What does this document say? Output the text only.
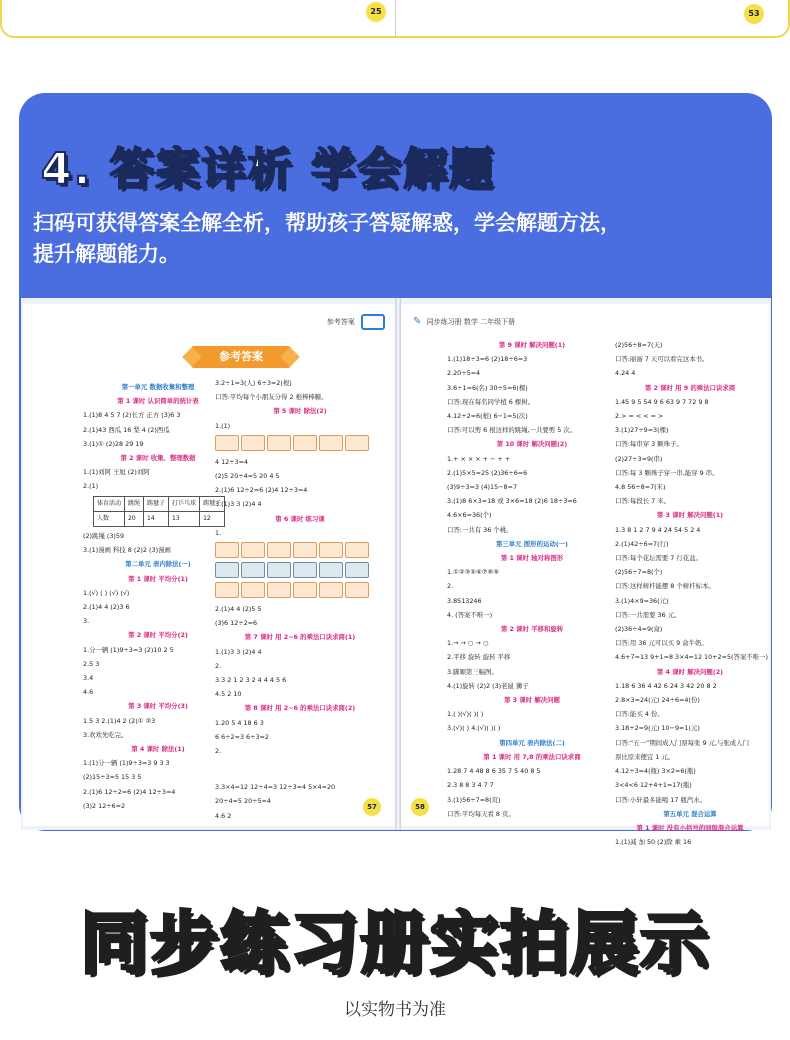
25	53
4. 答案详析 学会解题
扫码可获得答案全解全析，帮助孩子答疑解惑，学会解题方法，
提升解题能力。
参考答案
参考答案
第一单元 数据收集和整理
第 1 课时 认识简单的统计表
1.(1)8 4 5 7 (2)长方 正方 (3)6 3
2.(1)43 西瓜 16 梨 4 (2)西瓜
3.(1)① (2)28 29 19
第 2 课时 收集、整理数据
1.(1)刘阿 王旭 (2)刘阿
2.(1)
体育活动	跳绳	踢毽子	打乒乓球	踢毽子
人数	20	14	13	12
(2)跳绳 (3)59
3.(1)漫画 科技 8 (2)2 (3)漫画
第二单元 表内除法(一)
第 1 课时 平均分(1)
1.(√) ( ) (√) (√)
2.(1)4 4 (2)3 6
3.
第 2 课时 平均分(2)
1.分一辆 (1)9÷3=3 (2)10 2 5
2.5 3
3.4
4.6
第 3 课时 平均分(3)
1.5 3 2.(1)4 2 (2)① ②3
3.欢欢先吃完。
第 4 课时 除法(1)
1.(1)分一辆 (1)9÷3=3 9 3 3
(2)15÷3=5 15 3 5
2.(1)6 12÷2=6 (2)4 12÷3=4
(3)2 12÷6=2
3.2÷1=3(人) 6÷3=2(根)
口答:平均每个小朋友分得 2 根棒棒糖。
第 5 课时 除法(2)
1.(1)
4 12÷3=4
(2)5 20÷4=5 20 4 5
2.(1)6 12÷2=6 (2)4 12÷3=4
3.(1)3 3 (2)4 4
第 6 课时 练习课
1.
2.(1)4 4 (2)5 5
(3)6 12÷2=6
第 7 课时 用 2~6 的乘法口诀求商(1)
1.(1)3 3 (2)4 4
2.
3.3 2 1 2 3 2 4 4 4 5 6
4.5 2 10
第 8 课时 用 2~6 的乘法口诀求商(2)
1.20 5 4 18 6 3
6 6÷2=3 6÷3=2
2.
3.3×4=12 12÷4=3 12÷3=4 5×4=20
20÷4=5 20÷5=4
4.6 2
57
✎ 同步练习册 数学 二年级下册
第 9 课时 解决问题(1)
1.(1)18÷3=6 (2)18÷6=3
2.20÷5=4
3.6÷1=6(名) 30÷5=6(棵)
口答:现在每名同学植 6 棵树。
4.12÷2=6(根) 6−1=5(次)
口答:可以剪 6 根这样的跳绳,一共要剪 5 次。
第 10 课时 解决问题(2)
1.+ × × × + − + +
2.(1)5×5=25 (2)36÷6=6
(3)9÷3=3 (4)15−8=7
3.(1)8 6×3=18 或 3×6=18 (2)6 18÷3=6
4.6×6=36(个)
口答:一共有 36 个桃。
第三单元 图形的运动(一)
第 1 课时 轴对称图形
1.①②③⑤⑥⑦⑧⑨
2.
3.8513246
4. (答案不唯一)
第 2 课时 平移和旋转
1.→ → ○ → ○
2.平移 旋转 旋转 平移
3.脚顺第三幅图。
4.(1)旋转 (2)2 (3)老鼠 狮子
第 3 课时 解决问题
1.( )(√)( )( )
3.(√)( ) 4.(√)( )( )
第四单元 表内除法(二)
第 1 课时 用 7,8 的乘法口诀求商
1.28 7 4 48 8 6 35 7 5 40 8 5
2.3 8 8 3 4 7 7
3.(1)56÷7=8(页)
口答:平均每天看 8 页。
(2)56÷8=7(天)
口答:丽丽 7 天可以看完这本书。
4.24 4
第 2 课时 用 9 的乘法口诀求商
1.45 9 5 54 9 6 63 9 7 72 9 8
2.> = < < = >
3.(1)27÷9=3(棵)
口答:每串穿 3 颗珠子。
(2)27÷3=9(串)
口答:每 3 颗珠子穿一串,能穿 9 串。
4.8 56÷8=7(米)
口答:每段长 7 米。
第 3 课时 解决问题(1)
1.3 8 1 2 7 9 4 24 54 5 2 4
2.(1)42÷6=7(行)
口答:每个花坛需要 7 行花盆。
(2)56÷7=8(个)
口答:这样树杆能摆 8 个树杆标本。
3.(1)4×9=36(元)
口答:一共需要 36 元。
(2)36÷4=9(盒)
口答:用 36 元可以买 9 盒牛奶。
4.6+7=13 9+1=8 3×4=12 10+2=5(答案不唯一)
第 4 课时 解决问题(2)
1.18 6 36 4 42 6 24 3 42 20 8 2
2.8×3=24(元) 24÷6=4(份)
口答:能买 4 份。
3.18÷2=9(元) 10−9=1(元)
口答:“五一”期间成人门票每张 9 元,与张成人门
票比原来便宜 1 元。
4.12÷3=4(瓶) 3×2=6(瓶)
3<4<6 12+4+1=17(瓶)
口答:小轩最多能喝 17 瓶汽水。
第五单元 混合运算
第 1 课时 没有小括号的同级混合运算
1.(1)减 加 50 (2)除 乘 16
58
同步练习册实拍展示
以实物书为准
